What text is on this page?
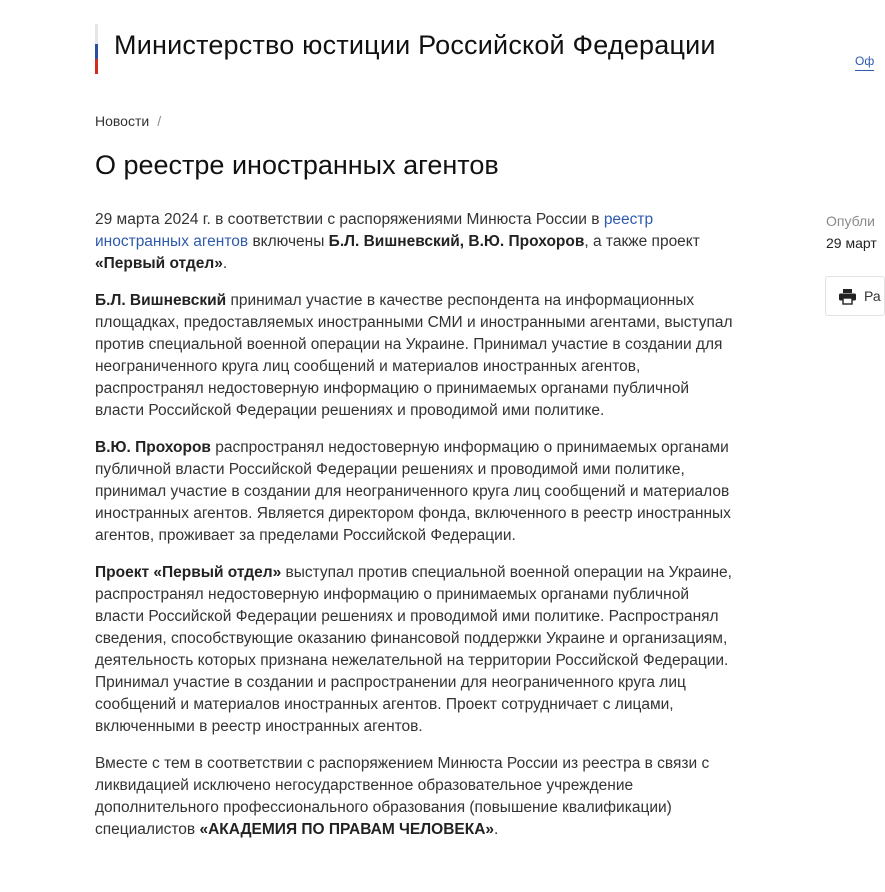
Министерство юстиции Российской Федерации
Оф
Новости /
О реестре иностранных агентов

29 марта 2024 г. в соответствии с распоряжениями Минюста России в реестр иностранных агентов включены Б.Л. Вишневский, В.Ю. Прохоров, а также проект «Первый отдел».

Б.Л. Вишневский принимал участие в качестве респондента на информационных площадках, предоставляемых иностранными СМИ и иностранными агентами, выступал против специальной военной операции на Украине. Принимал участие в создании для неограниченного круга лиц сообщений и материалов иностранных агентов, распространял недостоверную информацию о принимаемых органами публичной власти Российской Федерации решениях и проводимой ими политике.

В.Ю. Прохоров распространял недостоверную информацию о принимаемых органами публичной власти Российской Федерации решениях и проводимой ими политике, принимал участие в создании для неограниченного круга лиц сообщений и материалов иностранных агентов. Является директором фонда, включенного в реестр иностранных агентов, проживает за пределами Российской Федерации.

Проект «Первый отдел» выступал против специальной военной операции на Украине, распространял недостоверную информацию о принимаемых органами публичной власти Российской Федерации решениях и проводимой ими политике. Распространял сведения, способствующие оказанию финансовой поддержки Украине и организациям, деятельность которых признана нежелательной на территории Российской Федерации. Принимал участие в создании и распространении для неограниченного круга лиц сообщений и материалов иностранных агентов. Проект сотрудничает с лицами, включенными в реестр иностранных агентов.

Вместе с тем в соответствии с распоряжением Минюста России из реестра в связи с ликвидацией исключено негосударственное образовательное учреждение дополнительного профессионального образования (повышение квалификации) специалистов «АКАДЕМИЯ ПО ПРАВАМ ЧЕЛОВЕКА».

Опубли
29 март
Ра
